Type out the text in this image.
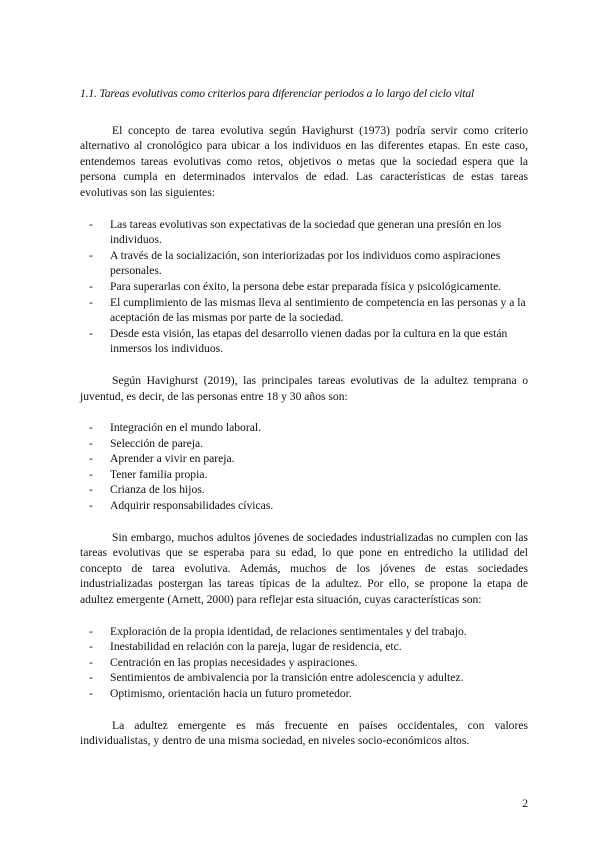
1.1. Tareas evolutivas como criterios para diferenciar periodos a lo largo del ciclo vital

El concepto de tarea evolutiva según Havighurst (1973) podría servir como criterio alternativo al cronológico para ubicar a los individuos en las diferentes etapas. En este caso, entendemos tareas evolutivas como retos, objetivos o metas que la sociedad espera que la persona cumpla en determinados intervalos de edad. Las características de estas tareas evolutivas son las siguientes:

- Las tareas evolutivas son expectativas de la sociedad que generan una presión en los individuos.
- A través de la socialización, son interiorizadas por los individuos como aspiraciones personales.
- Para superarlas con éxito, la persona debe estar preparada física y psicológicamente.
- El cumplimiento de las mismas lleva al sentimiento de competencia en las personas y a la aceptación de las mismas por parte de la sociedad.
- Desde esta visión, las etapas del desarrollo vienen dadas por la cultura en la que están inmersos los individuos.

Según Havighurst (2019), las principales tareas evolutivas de la adultez temprana o juventud, es decir, de las personas entre 18 y 30 años son:

- Integración en el mundo laboral.
- Selección de pareja.
- Aprender a vivir en pareja.
- Tener familia propia.
- Crianza de los hijos.
- Adquirir responsabilidades cívicas.

Sin embargo, muchos adultos jóvenes de sociedades industrializadas no cumplen con las tareas evolutivas que se esperaba para su edad, lo que pone en entredicho la utilidad del concepto de tarea evolutiva. Además, muchos de los jóvenes de estas sociedades industrializadas postergan las tareas típicas de la adultez. Por ello, se propone la etapa de adultez emergente (Arnett, 2000) para reflejar esta situación, cuyas características son:

- Exploración de la propia identidad, de relaciones sentimentales y del trabajo.
- Inestabilidad en relación con la pareja, lugar de residencia, etc.
- Centración en las propias necesidades y aspiraciones.
- Sentimientos de ambivalencia por la transición entre adolescencia y adultez.
- Optimismo, orientación hacia un futuro prometedor.

La adultez emergente es más frecuente en países occidentales, con valores individualistas, y dentro de una misma sociedad, en niveles socio-económicos altos.

2
